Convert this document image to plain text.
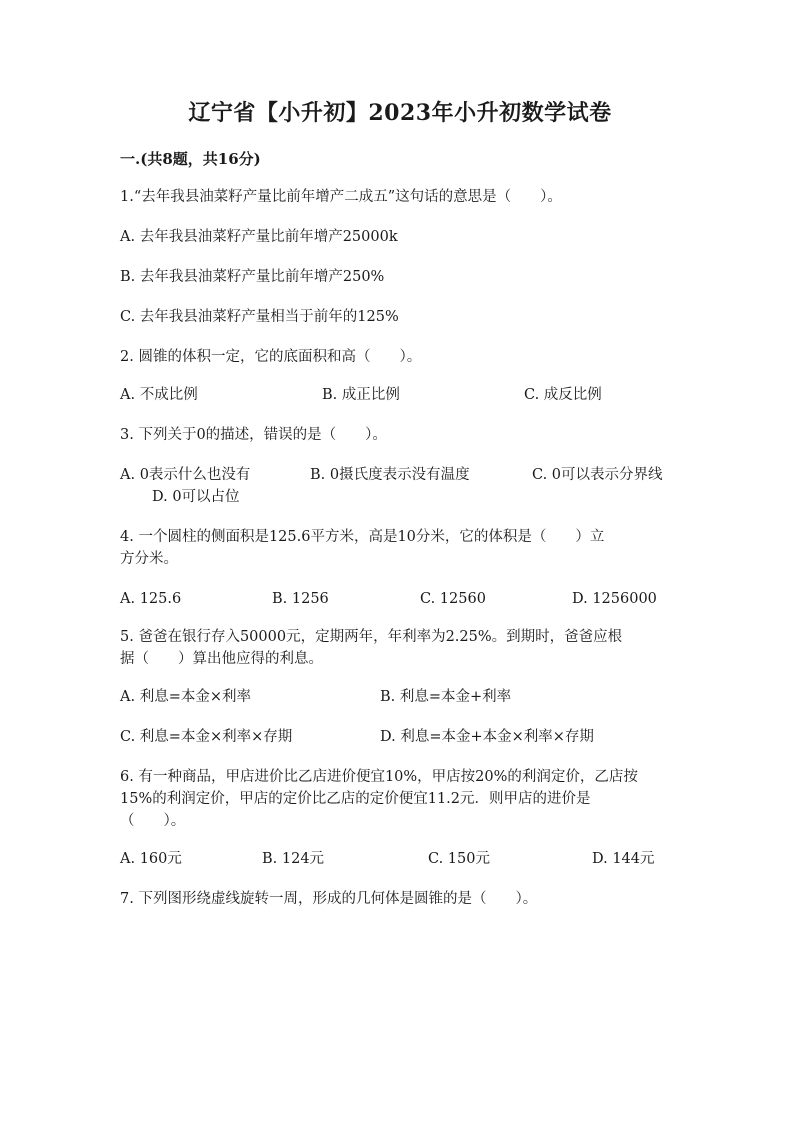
辽宁省【小升初】2023年小升初数学试卷
一.(共8题，共16分)
1.“去年我县油菜籽产量比前年增产二成五”这句话的意思是（　　）。
A. 去年我县油菜籽产量比前年增产25000k
B. 去年我县油菜籽产量比前年增产250%
C. 去年我县油菜籽产量相当于前年的125%
2. 圆锥的体积一定，它的底面积和高（　　）。
A. 不成比例	B. 成正比例	C. 成反比例
3. 下列关于0的描述，错误的是（　　）。
A. 0表示什么也没有	B. 0摄氏度表示没有温度	C. 0可以表示分界线
D. 0可以占位
4. 一个圆柱的侧面积是125.6平方米，高是10分米，它的体积是（　　）立
方分米。
A. 125.6	B. 1256	C. 12560	D. 1256000
5. 爸爸在银行存入50000元，定期两年，年利率为2.25%。到期时，爸爸应根
据（　　）算出他应得的利息。
A. 利息=本金×利率	B. 利息=本金+利率
C. 利息=本金×利率×存期	D. 利息=本金+本金×利率×存期
6. 有一种商品，甲店进价比乙店进价便宜10%，甲店按20%的利润定价，乙店按
15%的利润定价，甲店的定价比乙店的定价便宜11.2元．则甲店的进价是
（　　）。
A. 160元	B. 124元	C. 150元	D. 144元
7. 下列图形绕虚线旋转一周，形成的几何体是圆锥的是（　　）。
